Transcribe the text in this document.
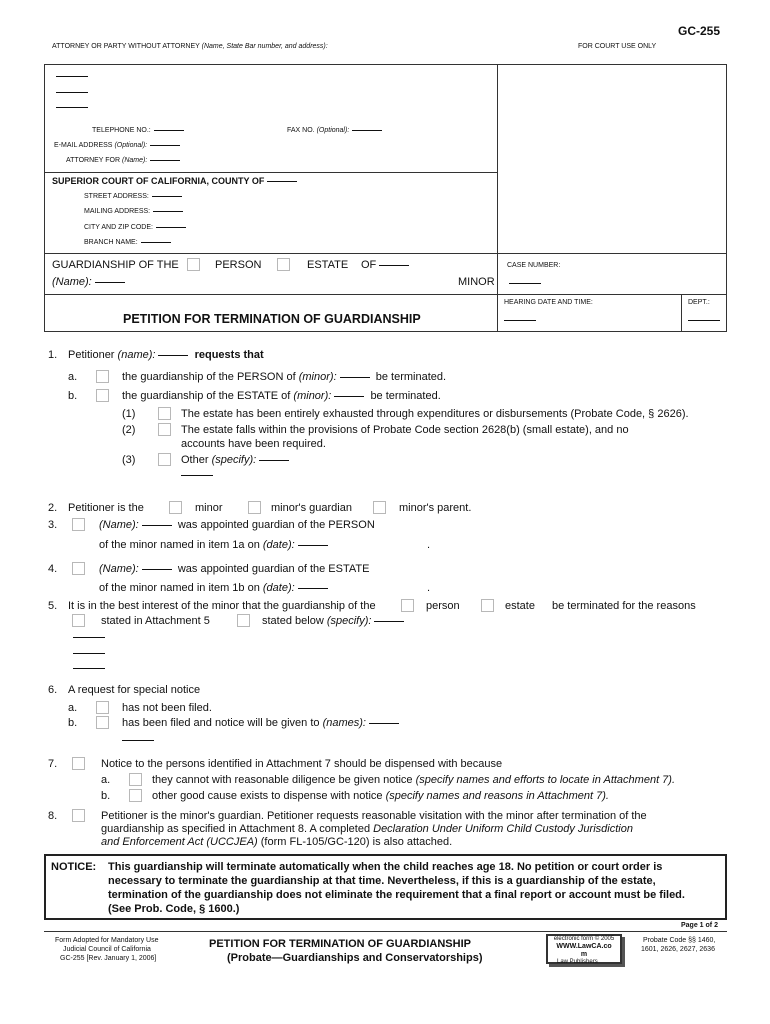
GC-255
ATTORNEY OR PARTY WITHOUT ATTORNEY (Name, State Bar number, and address):	FOR COURT USE ONLY
TELEPHONE NO.:	FAX NO. (Optional):
E-MAIL ADDRESS (Optional):
ATTORNEY FOR (Name):
SUPERIOR COURT OF CALIFORNIA, COUNTY OF
STREET ADDRESS:
MAILING ADDRESS:
CITY AND ZIP CODE:
BRANCH NAME:
GUARDIANSHIP OF THE	PERSON	ESTATE OF
(Name):	MINOR
CASE NUMBER:
HEARING DATE AND TIME:	DEPT.:
PETITION FOR TERMINATION OF GUARDIANSHIP
1. Petitioner (name):	requests that
a.	the guardianship of the PERSON of (minor):	be terminated.
b.	the guardianship of the ESTATE of (minor):	be terminated.
(1)	The estate has been entirely exhausted through expenditures or disbursements (Probate Code, § 2626).
(2)	The estate falls within the provisions of Probate Code section 2628(b) (small estate), and no
accounts have been required.
(3)	Other (specify):
2. Petitioner is the	minor	minor's guardian	minor's parent.
3.	(Name):	was appointed guardian of the PERSON
of the minor named in item 1a on (date):	.
4.	(Name):	was appointed guardian of the ESTATE
of the minor named in item 1b on (date):	.
5. It is in the best interest of the minor that the guardianship of the	person	estate be terminated for the reasons
stated in Attachment 5	stated below (specify):
6. A request for special notice
a.	has not been filed.
b.	has been filed and notice will be given to (names):
7.	Notice to the persons identified in Attachment 7 should be dispensed with because
a.	they cannot with reasonable diligence be given notice (specify names and efforts to locate in Attachment 7).
b.	other good cause exists to dispense with notice (specify names and reasons in Attachment 7).
8.	Petitioner is the minor's guardian. Petitioner requests reasonable visitation with the minor after termination of the
guardianship as specified in Attachment 8. A completed Declaration Under Uniform Child Custody Jurisdiction
and Enforcement Act (UCCJEA) (form FL-105/GC-120) is also attached.
NOTICE: This guardianship will terminate automatically when the child reaches age 18. No petition or court order is
necessary to terminate the guardianship at that time. Nevertheless, if this is a guardianship of the estate,
termination of the guardianship does not eliminate the requirement that a final report or account must be filed.
(See Prob. Code, § 1600.)
Page 1 of 2
Form Adopted for Mandatory Use
Judicial Council of California
GC-255 [Rev. January 1, 2006]
PETITION FOR TERMINATION OF GUARDIANSHIP
(Probate—Guardianships and Conservatorships)
electronic form © 2005
WWW.LawCA.co
m
Law Publishers
Probate Code §§ 1460,
1601, 2626, 2627, 2636
